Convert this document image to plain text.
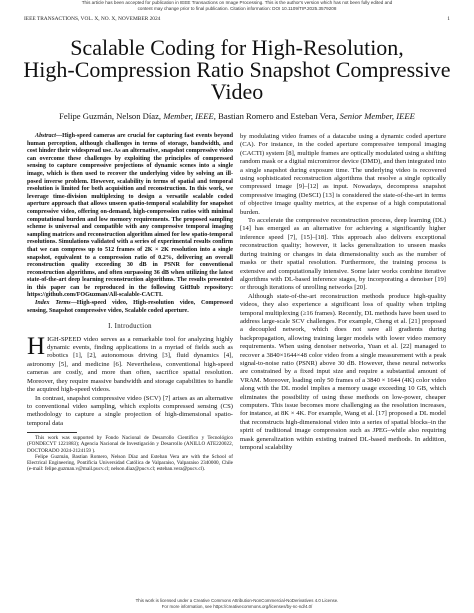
This article has been accepted for publication in IEEE Transactions on Image Processing. This is the author's version which has not been fully edited and
content may change prior to final publication. Citation information: DOI 10.1109/TIP.2025.3579208
IEEE TRANSACTIONS, VOL. X, NO. X, NOVEMBER 2024	1
Scalable Coding for High-Resolution,
High-Compression Ratio Snapshot Compressive
Video
Felipe Guzmán, Nelson Díaz, Member, IEEE, Bastian Romero and Esteban Vera, Senior Member, IEEE

Abstract—High-speed cameras are crucial for capturing fast events beyond human perception, although challenges in terms of storage, bandwidth, and cost hinder their widespread use. As an alternative, snapshot compressive video can overcome these challenges by exploiting the principles of compressed sensing to capture compressive projections of dynamic scenes into a single image, which is then used to recover the underlying video by solving an ill-posed inverse problem. However, scalability in terms of spatial and temporal resolution is limited for both acquisition and reconstruction. In this work, we leverage time-division multiplexing to design a versatile scalable coded aperture approach that allows unseen spatio-temporal scalability for snapshot compressive video, offering on-demand, high-compression ratios with minimal computational burden and low memory requirements. The proposed sampling scheme is universal and compatible with any compressive temporal imaging sampling matrices and reconstruction algorithm aimed for low spatio-temporal resolutions. Simulations validated with a series of experimental results confirm that we can compress up to 512 frames of 2K × 2K resolution into a single snapshot, equivalent to a compression ratio of 0.2%, delivering an overall reconstruction quality exceeding 30 dB in PSNR for conventional reconstruction algorithms, and often surpassing 36 dB when utilizing the latest state-of-the-art deep learning reconstruction algorithms. The results presented in this paper can be reproduced in the following GitHub repository: https://github.com/FOGuzman/All-scalable-CACTI.

Index Terms—High-speed video, High-resolution video, Compressed sensing, Snapshot compressive video, Scalable coded aperture.

I. Introduction

HIGH-SPEED video serves as a remarkable tool for analyzing highly dynamic events, finding applications in a myriad of fields such as robotics [1], [2], autonomous driving [3], fluid dynamics [4], astronomy [5], and medicine [6]. Nevertheless, conventional high-speed cameras are costly, and more than often, sacrifice spatial resolution. Moreover, they require massive bandwidth and storage capabilities to handle the acquired high-speed videos.

In contrast, snapshot compressive video (SCV) [7] arises as an alternative to conventional video sampling, which exploits compressed sensing (CS) methodology to capture a single projection of high-dimensional spatio-temporal data

This work was supported by Fondo Nacional de Desarrollo Científico y Tecnológico (FONDECYT 1221883); Agencia Nacional de Investigación y Desarrollo (ANILLO ATE220022, DOCTORADO 2024-2124159 ).

Felipe Guzmán, Bastian Romero, Nelson Díaz and Esteban Vera are with the School of Electrical Engineering, Pontificia Universidad Católica de Valparaíso, Valparaíso 2340000, Chile (e-mail: felipe.guzman.v@mail.pucv.cl; nelson.diaz@pucv.cl; esteban.vera@pucv.cl).

by modulating video frames of a datacube using a dynamic coded aperture (CA). For instance, in the coded aperture compressive temporal imaging (CACTI) system [8], multiple frames are optically modulated using a shifting random mask or a digital micromirror device (DMD), and then integrated into a single snapshot during exposure time. The underlying video is recovered using sophisticated reconstruction algorithms that resolve a single optically compressed image [9]–[12] as input. Nowadays, decompress snapshot compressive imaging (DeSCI) [13] is considered the state-of-the-art in terms of objective image quality metrics, at the expense of a high computational burden.

To accelerate the compressive reconstruction process, deep learning (DL) [14] has emerged as an alternative for achieving a significantly higher inference speed [7], [15]–[18]. This approach also delivers exceptional reconstruction quality; however, it lacks generalization to unseen masks during training or changes in data dimensionality such as the number of masks or their spatial resolution. Furthermore, the training process is extensive and computationally intensive. Some later works combine iterative algorithms with DL-based inference stages, by incorporating a denoiser [19] or through iterations of unrolling networks [20].

Although state-of-the-art reconstruction methods produce high-quality videos, they also experience a significant loss of quality when tripling temporal multiplexing (≥16 frames). Recently, DL methods have been used to address large-scale SCV challenges. For example, Cheng et al. [21] proposed a decoupled network, which does not save all gradients during backpropagation, allowing training larger models with lower video memory requirements. When using denoiser networks, Yuan et al. [22] managed to recover a 3840×1644×48 color video from a single measurement with a peak signal-to-noise ratio (PSNR) above 30 dB. However, these neural networks are constrained by a fixed input size and require a substantial amount of VRAM. Moreover, loading only 50 frames of a 3840 × 1644 (4K) color video along with the DL model implies a memory usage exceeding 10 GB, which eliminates the possibility of using these methods on low-power, cheaper computers. This issue becomes more challenging as the resolution increases, for instance, at 8K × 4K. For example, Wang et al. [17] proposed a DL model that reconstructs high-dimensional video into a series of spatial blocks–in the spirit of traditional image compression such as JPEG–while also requiring mask generalization within existing trained DL-based methods. In addition, temporal scalability

This work is licensed under a Creative Commons Attribution-NonCommercial-NoDerivatives 4.0 License.
For more information, see https://creativecommons.org/licenses/by-nc-nd/4.0/
